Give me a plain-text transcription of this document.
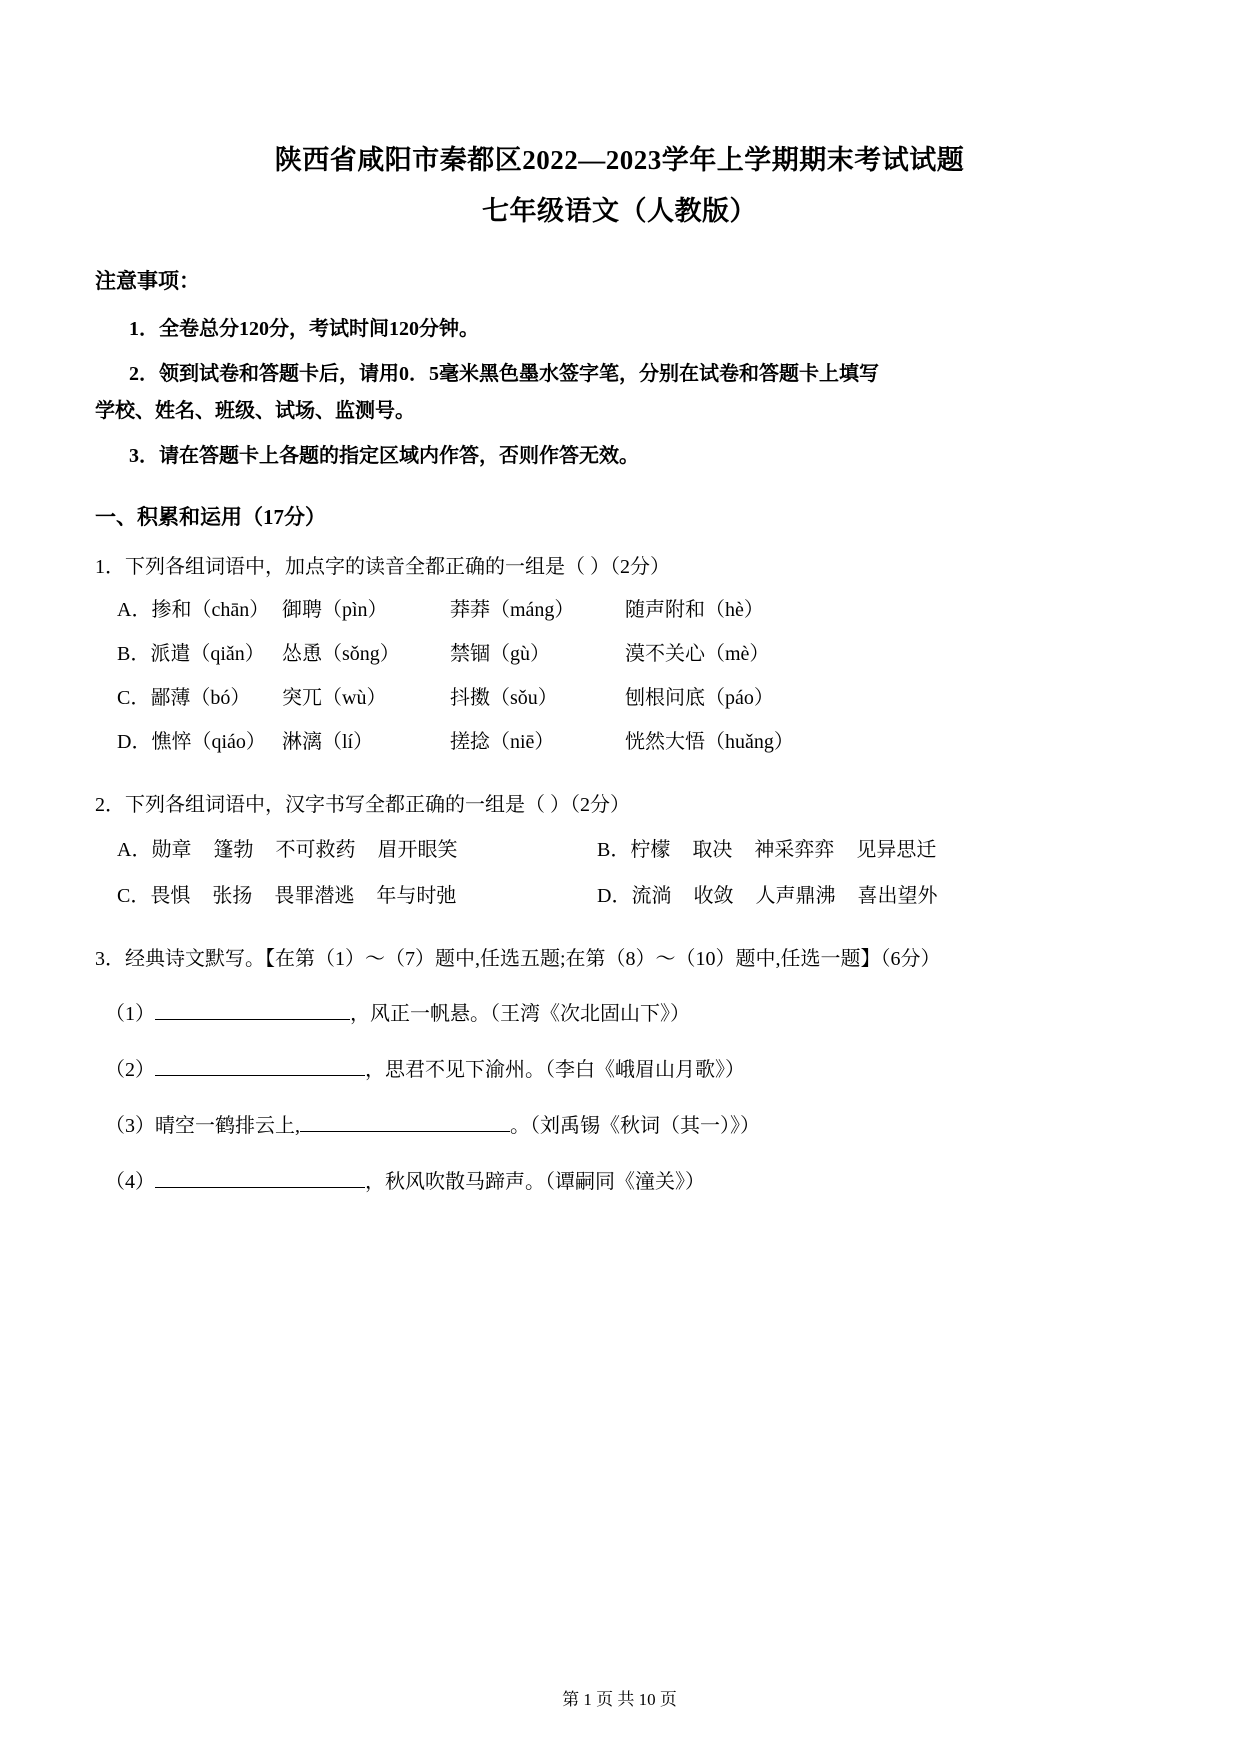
陕西省咸阳市秦都区2022—2023学年上学期期末考试试题
七年级语文（人教版）
注意事项：
1．全卷总分120分，考试时间120分钟。
2．领到试卷和答题卡后，请用0．5毫米黑色墨水签字笔，分别在试卷和答题卡上填写
学校、姓名、班级、试场、监测号。
3．请在答题卡上各题的指定区域内作答，否则作答无效。
一、积累和运用（17分）
1．下列各组词语中，加点字的读音全都正确的一组是（ ）（2分）
A．掺和（chān） 御聘（pìn）	莽莽（máng）	随声附和（hè）
B．派遣（qiǎn） 怂恿（sǒng）	禁锢（gù）	漠不关心（mè）
C．鄙薄（bó）	突兀（wù）	抖擞（sǒu）	刨根问底（páo）
D．憔悴（qiáo） 淋漓（lí）	搓捻（niē）	恍然大悟（huǎng）
2．下列各组词语中，汉字书写全都正确的一组是（ ）（2分）
A．勋章 篷勃 不可救药 眉开眼笑	B．柠檬 取决 神采弈弈 见异思迁
C．畏惧 张扬 畏罪潜逃 年与时弛	D．流淌 收敛 人声鼎沸 喜出望外
3．经典诗文默写。【在第（1）～（7）题中,任选五题;在第（8）～（10）题中,任选一题】（6分）
（1）	，风正一帆悬。（王湾《次北固山下》）
（2）	，思君不见下渝州。（李白《峨眉山月歌》）
（3）晴空一鹤排云上,	。（刘禹锡《秋词（其一）》）
（4）	，秋风吹散马蹄声。（谭嗣同《潼关》）
第 1 页 共 10 页
